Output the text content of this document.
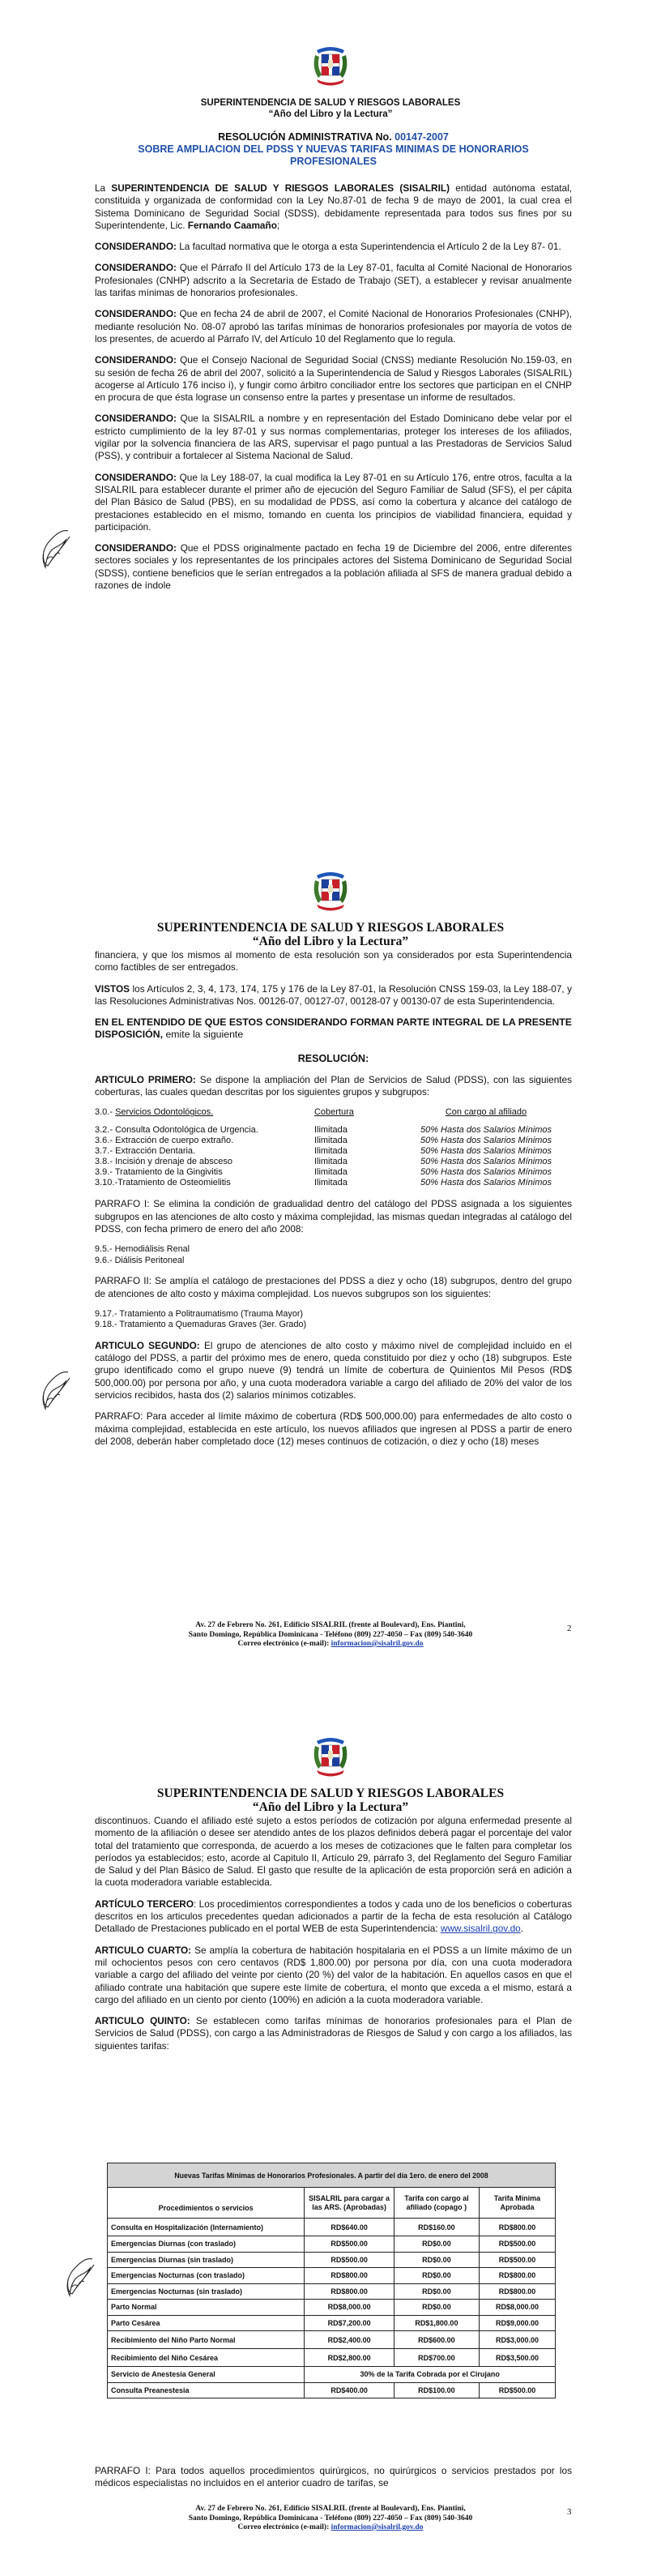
SUPERINTENDENCIA DE SALUD Y RIESGOS LABORALES
“Año del Libro y la Lectura”
RESOLUCIÓN ADMINISTRATIVA No. 00147-2007
SOBRE AMPLIACION DEL PDSS Y NUEVAS TARIFAS MINIMAS DE HONORARIOS
PROFESIONALES

La SUPERINTENDENCIA DE SALUD Y RIESGOS LABORALES (SISALRIL) entidad autónoma estatal, constituida y organizada de conformidad con la Ley No.87-01 de fecha 9 de mayo de 2001, la cual crea el Sistema Dominicano de Seguridad Social (SDSS), debidamente representada para todos sus fines por su Superintendente, Lic. Fernando Caamaño;

CONSIDERANDO: La facultad normativa que le otorga a esta Superintendencia el Artículo 2 de la Ley 87- 01.

CONSIDERANDO: Que el Párrafo II del Artículo 173 de la Ley 87-01, faculta al Comité Nacional de Honorarios Profesionales (CNHP) adscrito a la Secretaría de Estado de Trabajo (SET), a establecer y revisar anualmente las tarifas mínimas de honorarios profesionales.

CONSIDERANDO: Que en fecha 24 de abril de 2007, el Comité Nacional de Honorarios Profesionales (CNHP), mediante resolución No. 08-07 aprobó las tarifas mínimas de honorarios profesionales por mayoría de votos de los presentes, de acuerdo al Párrafo IV, del Artículo 10 del Reglamento que lo regula.

CONSIDERANDO: Que el Consejo Nacional de Seguridad Social (CNSS) mediante Resolución No.159-03, en su sesión de fecha 26 de abril del 2007, solicitó a la Superintendencia de Salud y Riesgos Laborales (SISALRIL) acogerse al Artículo 176 inciso i), y fungir como árbitro conciliador entre los sectores que participan en el CNHP en procura de que ésta lograse un consenso entre la partes y presentase un informe de resultados.

CONSIDERANDO: Que la SISALRIL a nombre y en representación del Estado Dominicano debe velar por el estricto cumplimiento de la ley 87-01 y sus normas complementarias, proteger los intereses de los afiliados, vigilar por la solvencia financiera de las ARS, supervisar el pago puntual a las Prestadoras de Servicios Salud (PSS), y contribuir a fortalecer al Sistema Nacional de Salud.

CONSIDERANDO: Que la Ley 188-07, la cual modifica la Ley 87-01 en su Artículo 176, entre otros, faculta a la SISALRIL para establecer durante el primer año de ejecución del Seguro Familiar de Salud (SFS), el per cápita del Plan Básico de Salud (PBS), en su modalidad de PDSS, así como la cobertura y alcance del catálogo de prestaciones establecido en el mismo, tomando en cuenta los principios de viabilidad financiera, equidad y participación.

CONSIDERANDO: Que el PDSS originalmente pactado en fecha 19 de Diciembre del 2006, entre diferentes sectores sociales y los representantes de los principales actores del Sistema Dominicano de Seguridad Social (SDSS), contiene beneficios que le serían entregados a la población afiliada al SFS de manera gradual debido a razones de índole

SUPERINTENDENCIA DE SALUD Y RIESGOS LABORALES
“Año del Libro y la Lectura”

financiera, y que los mismos al momento de esta resolución son ya considerados por esta Superintendencia como factibles de ser entregados.

VISTOS los Artículos 2, 3, 4, 173, 174, 175 y 176 de la Ley 87-01, la Resolución CNSS 159-03, la Ley 188-07, y las Resoluciones Administrativas Nos. 00126-07, 00127-07, 00128-07 y 00130-07 de esta Superintendencia.

EN EL ENTENDIDO DE QUE ESTOS CONSIDERANDO FORMAN PARTE INTEGRAL DE LA PRESENTE DISPOSICIÓN, emite la siguiente

RESOLUCIÓN:

ARTICULO PRIMERO: Se dispone la ampliación del Plan de Servicios de Salud (PDSS), con las siguientes coberturas, las cuales quedan descritas por los siguientes grupos y subgrupos:

3.0.- Servicios Odontológicos.	Cobertura	Con cargo al afiliado
3.2.- Consulta Odontológica de Urgencia.	Ilimitada	50% Hasta dos Salarios Mínimos
3.6.- Extracción de cuerpo extraño.	Ilimitada	50% Hasta dos Salarios Mínimos
3.7.- Extracción Dentaria.	Ilimitada	50% Hasta dos Salarios Mínimos
3.8.- Incisión y drenaje de absceso	Ilimitada	50% Hasta dos Salarios Mínimos
3.9.- Tratamiento de la Gingivitis	Ilimitada	50% Hasta dos Salarios Mínimos
3.10.-Tratamiento de Osteomielitis	Ilimitada	50% Hasta dos Salarios Mínimos

PARRAFO I: Se elimina la condición de gradualidad dentro del catálogo del PDSS asignada a los siguientes subgrupos en las atenciones de alto costo y máxima complejidad, las mismas quedan integradas al catálogo del PDSS, con fecha primero de enero del año 2008:

9.5.- Hemodiálisis Renal
9.6.- Diálisis Peritoneal

PARRAFO II: Se amplía el catálogo de prestaciones del PDSS a diez y ocho (18) subgrupos, dentro del grupo de atenciones de alto costo y máxima complejidad. Los nuevos subgrupos son los siguientes:

9.17.- Tratamiento a Politraumatismo (Trauma Mayor)
9.18.- Tratamiento a Quemaduras Graves (3er. Grado)

ARTICULO SEGUNDO: El grupo de atenciones de alto costo y máximo nivel de complejidad incluido en el catálogo del PDSS, a partir del próximo mes de enero, queda constituido por diez y ocho (18) subgrupos. Este grupo identificado como el grupo nueve (9) tendrá un límite de cobertura de Quinientos Mil Pesos (RD$ 500,000.00) por persona por año, y una cuota moderadora variable a cargo del afiliado de 20% del valor de los servicios recibidos, hasta dos (2) salarios mínimos cotizables.

PARRAFO: Para acceder al límite máximo de cobertura (RD$ 500,000.00) para enfermedades de alto costo o máxima complejidad, establecida en este artículo, los nuevos afiliados que ingresen al PDSS a partir de enero del 2008, deberán haber completado doce (12) meses continuos de cotización, o diez y ocho (18) meses

Av. 27 de Febrero No. 261, Edificio SISALRIL (frente al Boulevard), Ens. Piantini,
Santo Domingo, República Dominicana - Teléfono (809) 227-4050 – Fax (809) 540-3640
Correo electrónico (e-mail): informacion@sisalril.gov.do
2
SUPERINTENDENCIA DE SALUD Y RIESGOS LABORALES
“Año del Libro y la Lectura”

discontinuos. Cuando el afiliado esté sujeto a estos períodos de cotización por alguna enfermedad presente al momento de la afiliación o desee ser atendido antes de los plazos definidos deberá pagar el porcentaje del valor total del tratamiento que corresponda, de acuerdo a los meses de cotizaciones que le falten para completar los períodos ya establecidos; esto, acorde al Capitulo II, Artículo 29, párrafo 3, del Reglamento del Seguro Familiar de Salud y del Plan Básico de Salud. El gasto que resulte de la aplicación de esta proporción será en adición a la cuota moderadora variable establecida.

ARTÍCULO TERCERO: Los procedimientos correspondientes a todos y cada uno de los beneficios o coberturas descritos en los articulos precedentes quedan adicionados a partir de la fecha de esta resolución al Catálogo Detallado de Prestaciones publicado en el portal WEB de esta Superintendencia: www.sisalril.gov.do.

ARTICULO CUARTO: Se amplía la cobertura de habitación hospitalaria en el PDSS a un límite máximo de un mil ochocientos pesos con cero centavos (RD$ 1,800.00) por persona por día, con una cuota moderadora variable a cargo del afiliado del veinte por ciento (20 %) del valor de la habitación. En aquellos casos en que el afiliado contrate una habitación que supere este límite de cobertura, el monto que exceda a el mismo, estará a cargo del afiliado en un ciento por ciento (100%) en adición a la cuota moderadora variable.

ARTICULO QUINTO: Se establecen como tarifas mínimas de honorarios profesionales para el Plan de Servicios de Salud (PDSS), con cargo a las Administradoras de Riesgos de Salud y con cargo a los afiliados, las siguientes tarifas:

Nuevas Tarifas Mínimas de Honorarios Profesionales. A partir del día 1ero. de enero del 2008			
Procedimientos o servicios	SISALRIL para cargar a las ARS. (Aprobadas)	Tarifa con cargo al afiliado (copago )	Tarifa Mínima Aprobada
Consulta en Hospitalización (Internamiento)	RD$640.00	RD$160.00	RD$800.00
Emergencias Diurnas (con traslado)	RD$500.00	RD$0.00	RD$500.00
Emergencias Diurnas (sin traslado)	RD$500.00	RD$0.00	RD$500.00
Emergencias Nocturnas (con traslado)	RD$800.00	RD$0.00	RD$800.00
Emergencias Nocturnas (sin traslado)	RD$800.00	RD$0.00	RD$800.00
Parto Normal	RD$8,000.00	RD$0.00	RD$8,000.00
Parto Cesárea	RD$7,200.00	RD$1,800.00	RD$9,000.00
Recibimiento del Niño Parto Normal	RD$2,400.00	RD$600.00	RD$3,000.00
Recibimiento del Niño Cesárea	RD$2,800.00	RD$700.00	RD$3,500.00
Servicio de Anestesia General	30% de la Tarifa Cobrada por el Cirujano		
Consulta Preanestesia	RD$400.00	RD$100.00	RD$500.00

PARRAFO I: Para todos aquellos procedimientos quirúrgicos, no quirúrgicos o servicios prestados por los médicos especialistas no incluidos en el anterior cuadro de tarifas, se

Av. 27 de Febrero No. 261, Edificio SISALRIL (frente al Boulevard), Ens. Piantini,
Santo Domingo, República Dominicana - Teléfono (809) 227-4050 – Fax (809) 540-3640
Correo electrónico (e-mail): informacion@sisalril.gov.do
3
